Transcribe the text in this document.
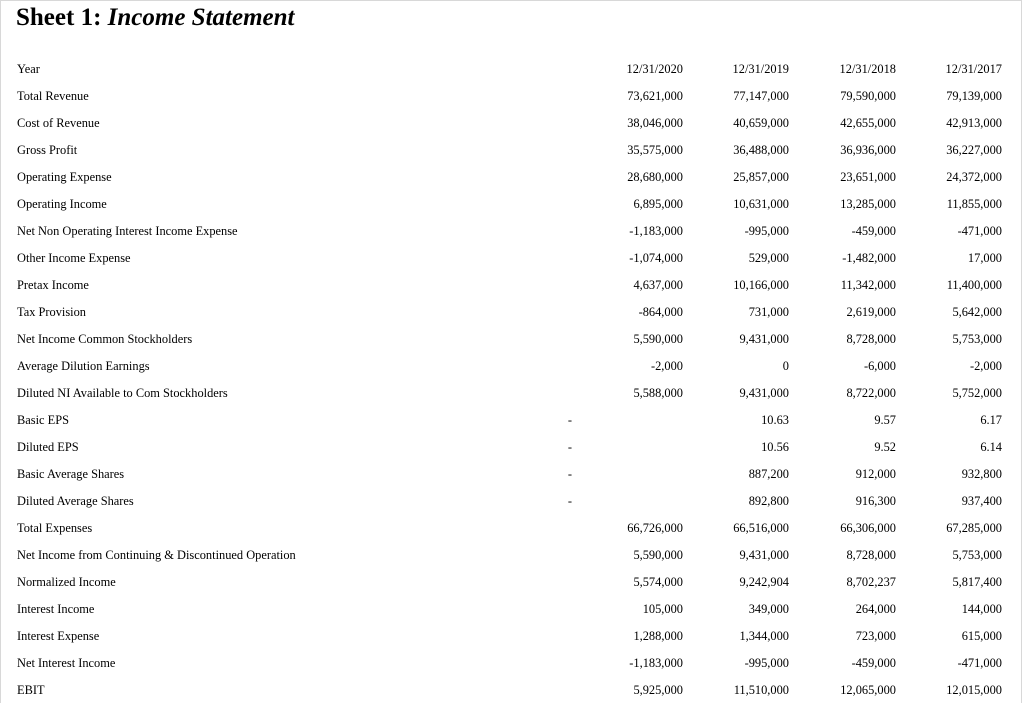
Sheet 1: Income Statement
Year	12/31/2020	12/31/2019	12/31/2018	12/31/2017
Total Revenue	73,621,000	77,147,000	79,590,000	79,139,000
Cost of Revenue	38,046,000	40,659,000	42,655,000	42,913,000
Gross Profit	35,575,000	36,488,000	36,936,000	36,227,000
Operating Expense	28,680,000	25,857,000	23,651,000	24,372,000
Operating Income	6,895,000	10,631,000	13,285,000	11,855,000
Net Non Operating Interest Income Expense	-1,183,000	-995,000	-459,000	-471,000
Other Income Expense	-1,074,000	529,000	-1,482,000	17,000
Pretax Income	4,637,000	10,166,000	11,342,000	11,400,000
Tax Provision	-864,000	731,000	2,619,000	5,642,000
Net Income Common Stockholders	5,590,000	9,431,000	8,728,000	5,753,000
Average Dilution Earnings	-2,000	0	-6,000	-2,000
Diluted NI Available to Com Stockholders	5,588,000	9,431,000	8,722,000	5,752,000
Basic EPS	-	10.63	9.57	6.17
Diluted EPS	-	10.56	9.52	6.14
Basic Average Shares	-	887,200	912,000	932,800
Diluted Average Shares	-	892,800	916,300	937,400
Total Expenses	66,726,000	66,516,000	66,306,000	67,285,000
Net Income from Continuing & Discontinued Operation	5,590,000	9,431,000	8,728,000	5,753,000
Normalized Income	5,574,000	9,242,904	8,702,237	5,817,400
Interest Income	105,000	349,000	264,000	144,000
Interest Expense	1,288,000	1,344,000	723,000	615,000
Net Interest Income	-1,183,000	-995,000	-459,000	-471,000
EBIT	5,925,000	11,510,000	12,065,000	12,015,000
